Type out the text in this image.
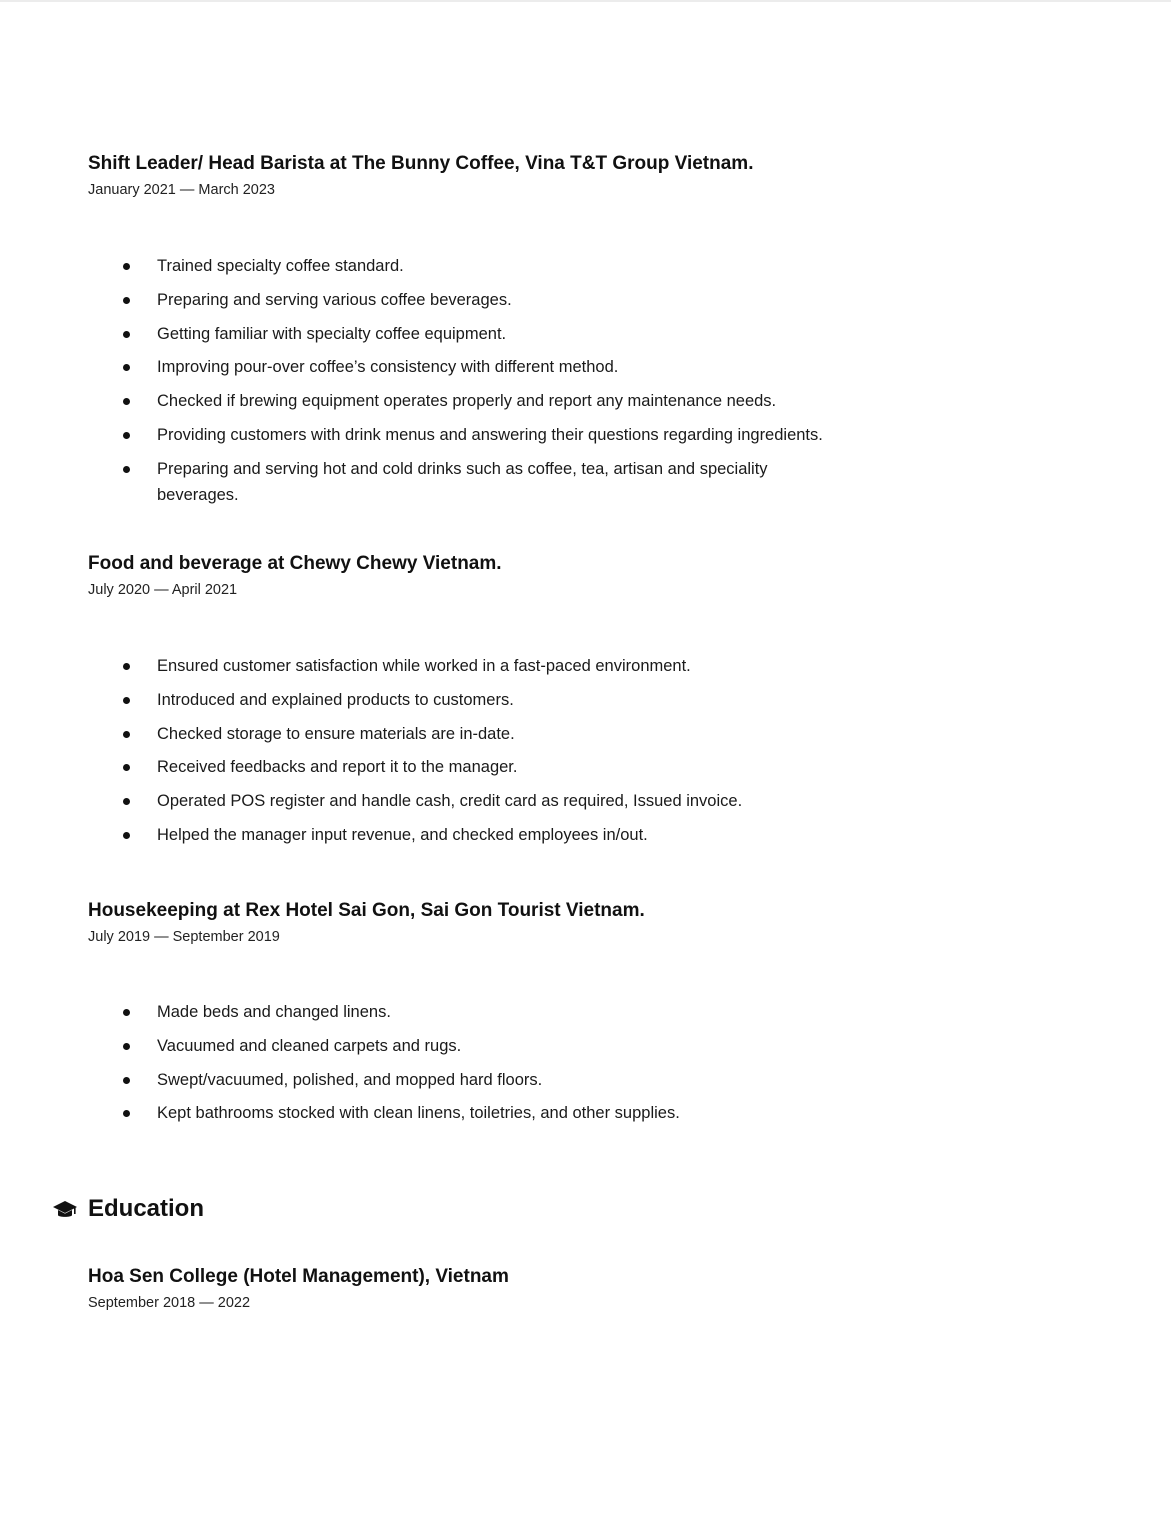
Shift Leader/ Head Barista at The Bunny Coffee, Vina T&T Group Vietnam.
January 2021 — March 2023
Trained specialty coffee standard.
Preparing and serving various coffee beverages.
Getting familiar with specialty coffee equipment.
Improving pour-over coffee’s consistency with different method.
Checked if brewing equipment operates properly and report any maintenance needs.
Providing customers with drink menus and answering their questions regarding ingredients.
Preparing and serving hot and cold drinks such as coffee, tea, artisan and speciality beverages.
Food and beverage at Chewy Chewy Vietnam.
July 2020 — April 2021
Ensured customer satisfaction while worked in a fast-paced environment.
Introduced and explained products to customers.
Checked storage to ensure materials are in-date.
Received feedbacks and report it to the manager.
Operated POS register and handle cash, credit card as required, Issued invoice.
Helped the manager input revenue, and checked employees in/out.
Housekeeping at Rex Hotel Sai Gon, Sai Gon Tourist Vietnam.
July 2019 — September 2019
Made beds and changed linens.
Vacuumed and cleaned carpets and rugs.
Swept/vacuumed, polished, and mopped hard floors.
Kept bathrooms stocked with clean linens, toiletries, and other supplies.
Education
Hoa Sen College (Hotel Management), Vietnam
September 2018 — 2022
